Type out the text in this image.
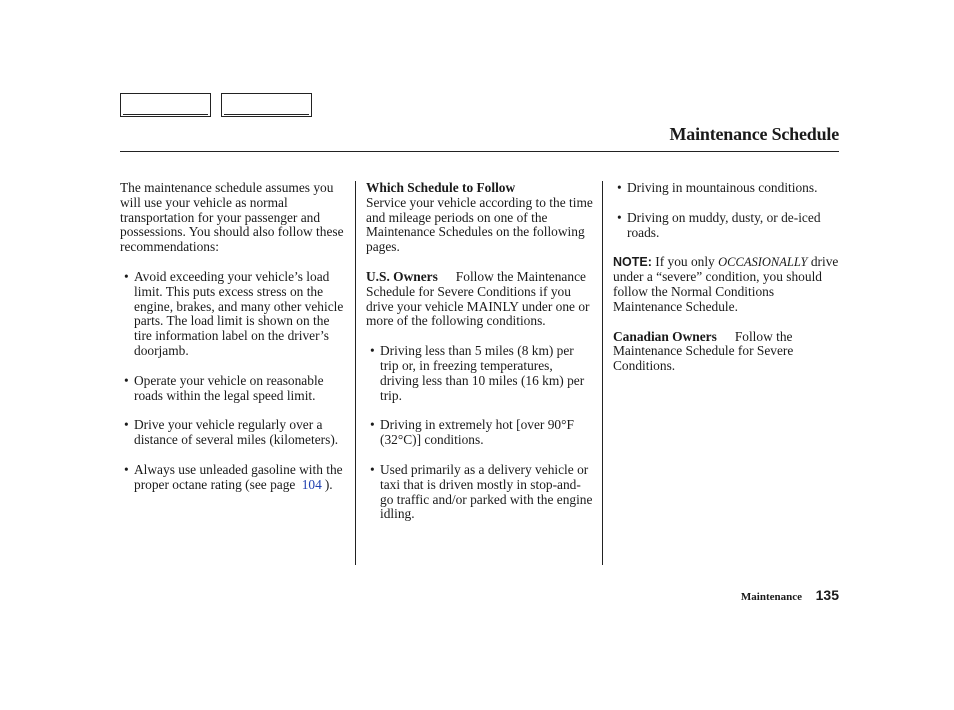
Maintenance Schedule

The maintenance schedule assumes you will use your vehicle as normal transportation for your passenger and possessions. You should also follow these recommendations:

• Avoid exceeding your vehicle’s load limit. This puts excess stress on the engine, brakes, and many other vehicle parts. The load limit is shown on the tire information label on the driver’s doorjamb.
• Operate your vehicle on reasonable roads within the legal speed limit.
• Drive your vehicle regularly over a distance of several miles (kilometers).
• Always use unleaded gasoline with the proper octane rating (see page 104 ).

Which Schedule to Follow

Service your vehicle according to the time and mileage periods on one of the Maintenance Schedules on the following pages.

U.S. Owners Follow the Maintenance Schedule for Severe Conditions if you drive your vehicle MAINLY under one or more of the following conditions.

• Driving less than 5 miles (8 km) per trip or, in freezing temperatures, driving less than 10 miles (16 km) per trip.
• Driving in extremely hot [over 90°F (32°C)] conditions.
• Used primarily as a delivery vehicle or taxi that is driven mostly in stop-and-go traffic and/or parked with the engine idling.
• Driving in mountainous conditions.
• Driving on muddy, dusty, or de-iced roads.

NOTE: If you only OCCASIONALLY drive under a “severe” condition, you should follow the Normal Conditions Maintenance Schedule.

Canadian Owners Follow the Maintenance Schedule for Severe Conditions.

Maintenance 135
